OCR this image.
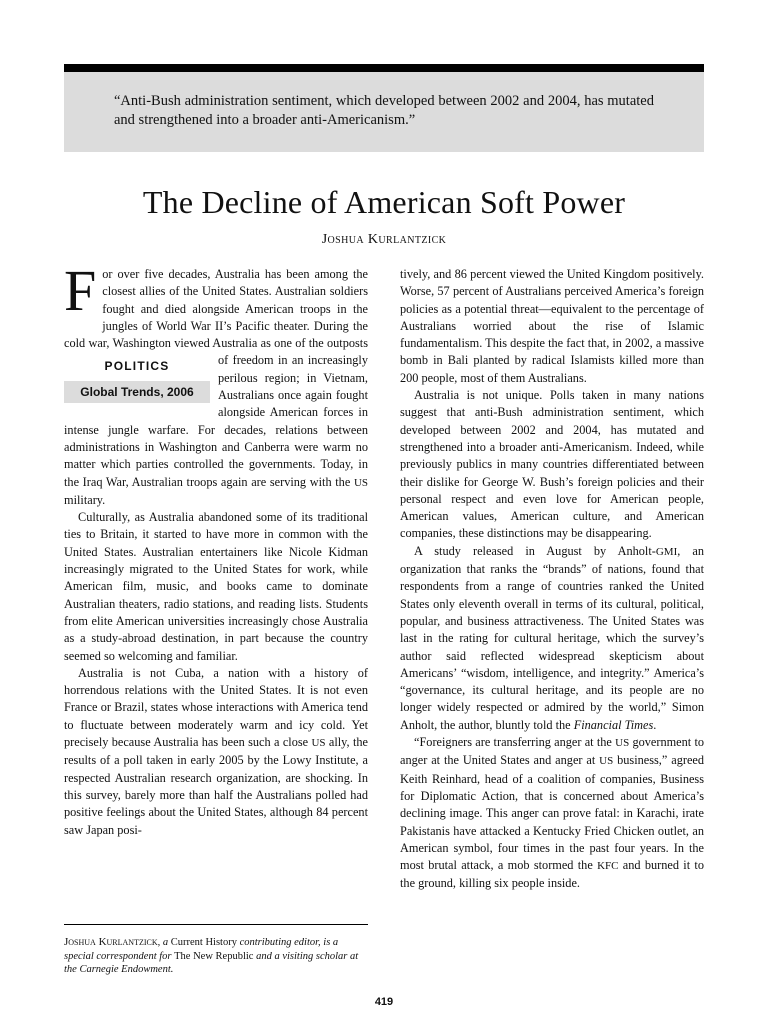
“Anti-Bush administration sentiment, which developed between 2002 and 2004, has mutated and strengthened into a broader anti-Americanism.”

The Decline of American Soft Power
Joshua Kurlantzick

For over five decades, Australia has been among the closest allies of the United States. Australian soldiers fought and died alongside American troops in the jungles of World War II’s Pacific theater. During the cold war, Washington viewed Australia as one of the outposts of freedom
POLITICS
Global Trends, 2006
in an increasingly perilous region; in Vietnam, Australians once again fought alongside American forces in intense jungle warfare. For decades, relations between administrations in Washington and Canberra were warm no matter which parties controlled the governments. Today, in the Iraq War, Australian troops again are serving with the US military.

Culturally, as Australia abandoned some of its traditional ties to Britain, it started to have more in common with the United States. Australian entertainers like Nicole Kidman increasingly migrated to the United States for work, while American film, music, and books came to dominate Australian theaters, radio stations, and reading lists. Students from elite American universities increasingly chose Australia as a study-abroad destination, in part because the country seemed so welcoming and familiar.

Australia is not Cuba, a nation with a history of horrendous relations with the United States. It is not even France or Brazil, states whose interactions with America tend to fluctuate between moderately warm and icy cold. Yet precisely because Australia has been such a close US ally, the results of a poll taken in early 2005 by the Lowy Institute, a respected Australian research organization, are shocking. In this survey, barely more than half the Australians polled had positive feelings about the United States, although 84 percent saw Japan posi-

tively, and 86 percent viewed the United Kingdom positively. Worse, 57 percent of Australians perceived America’s foreign policies as a potential threat—equivalent to the percentage of Australians worried about the rise of Islamic fundamentalism. This despite the fact that, in 2002, a massive bomb in Bali planted by radical Islamists killed more than 200 people, most of them Australians.

Australia is not unique. Polls taken in many nations suggest that anti-Bush administration sentiment, which developed between 2002 and 2004, has mutated and strengthened into a broader anti-Americanism. Indeed, while previously publics in many countries differentiated between their dislike for George W. Bush’s foreign policies and their personal respect and even love for American people, American values, American culture, and American companies, these distinctions may be disappearing.

A study released in August by Anholt-GMI, an organization that ranks the “brands” of nations, found that respondents from a range of countries ranked the United States only eleventh overall in terms of its cultural, political, popular, and business attractiveness. The United States was last in the rating for cultural heritage, which the survey’s author said reflected widespread skepticism about Americans’ “wisdom, intelligence, and integrity.” America’s “governance, its cultural heritage, and its people are no longer widely respected or admired by the world,” Simon Anholt, the author, bluntly told the Financial Times.

“Foreigners are transferring anger at the US government to anger at the United States and anger at US business,” agreed Keith Reinhard, head of a coalition of companies, Business for Diplomatic Action, that is concerned about America’s declining image. This anger can prove fatal: in Karachi, irate Pakistanis have attacked a Kentucky Fried Chicken outlet, an American symbol, four times in the past four years. In the most brutal attack, a mob stormed the KFC and burned it to the ground, killing six people inside.

Joshua Kurlantzick, a Current History contributing editor, is a special correspondent for The New Republic and a visiting scholar at the Carnegie Endowment.

419
